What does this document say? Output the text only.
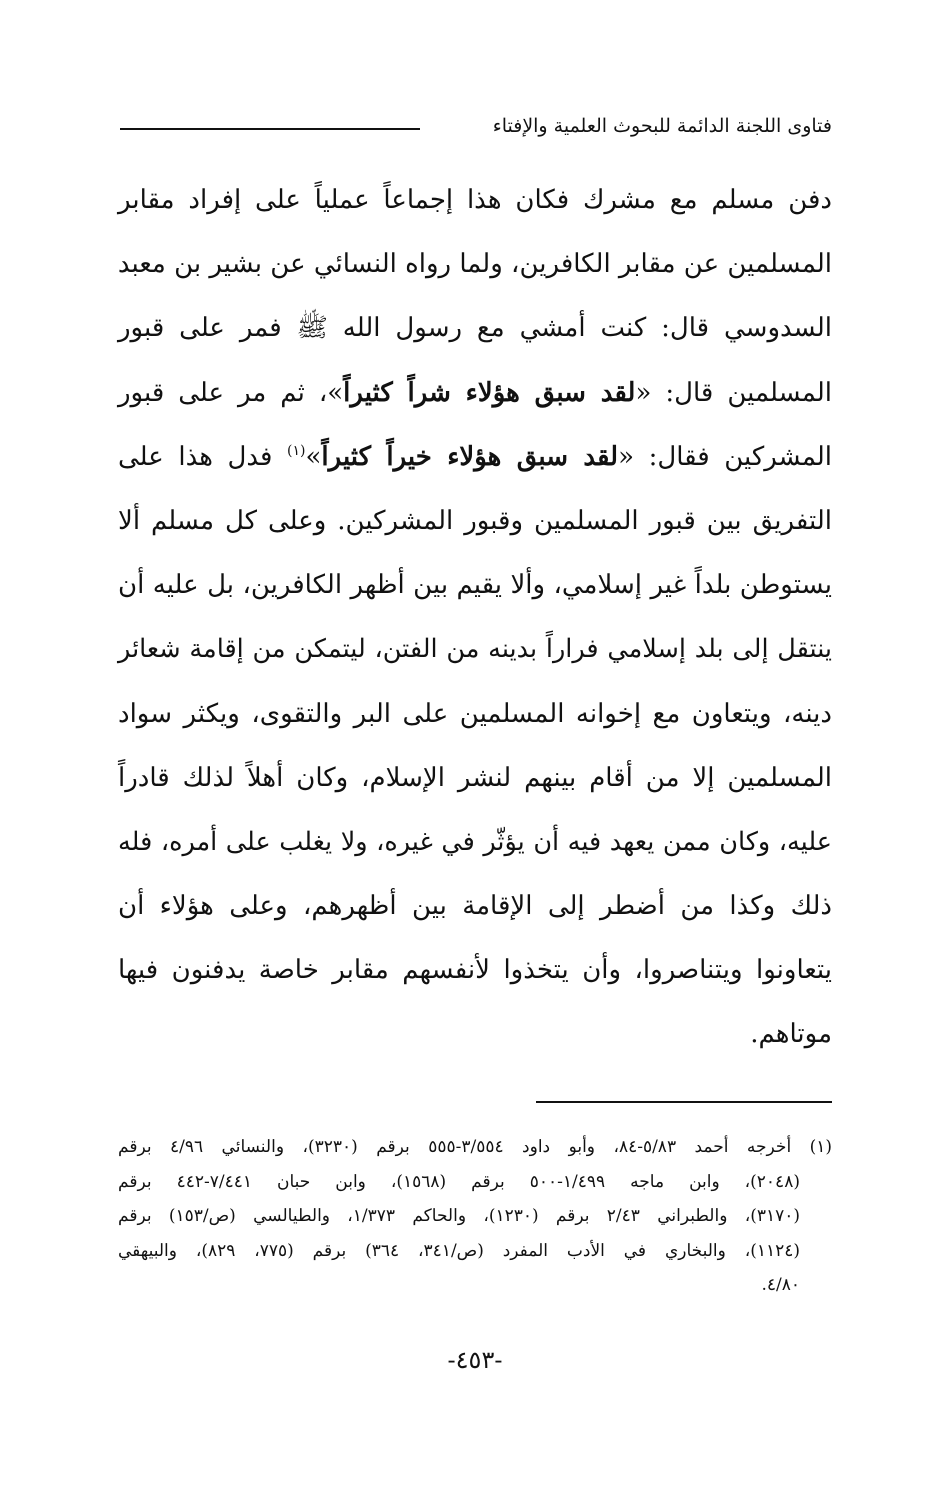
فتاوى اللجنة الدائمة للبحوث العلمية والإفتاء
دفن مسلم مع مشرك فكان هذا إجماعاً عملياً على إفراد مقابر
المسلمين عن مقابر الكافرين، ولما رواه النسائي عن بشير بن معبد
السدوسي قال: كنت أمشي مع رسول الله ﷺ فمر على قبور
المسلمين قال: «لقد سبق هؤلاء شراً كثيراً»، ثم مر على قبور
المشركين فقال: «لقد سبق هؤلاء خيراً كثيراً»$^{(١)}$ فدل هذا على
التفريق بين قبور المسلمين وقبور المشركين. وعلى كل مسلم ألا
يستوطن بلداً غير إسلامي، وألا يقيم بين أظهر الكافرين، بل عليه أن
ينتقل إلى بلد إسلامي فراراً بدينه من الفتن، ليتمكن من إقامة شعائر
دينه، ويتعاون مع إخوانه المسلمين على البر والتقوى، ويكثر سواد
المسلمين إلا من أقام بينهم لنشر الإسلام، وكان أهلاً لذلك قادراً
عليه، وكان ممن يعهد فيه أن يؤثّر في غيره، ولا يغلب على أمره، فله
ذلك وكذا من أضطر إلى الإقامة بين أظهرهم، وعلى هؤلاء أن
يتعاونوا ويتناصروا، وأن يتخذوا لأنفسهم مقابر خاصة يدفنون فيها
موتاهم.
(١) أخرجه أحمد ٥/٨٣-٨٤، وأبو داود ٣/٥٥٤-٥٥٥ برقم (٣٢٣٠)، والنسائي ٤/٩٦ برقم
(٢٠٤٨)، وابن ماجه ١/٤٩٩-٥٠٠ برقم (١٥٦٨)، وابن حبان ٧/٤٤١-٤٤٢ برقم
(٣١٧٠)، والطبراني ٢/٤٣ برقم (١٢٣٠)، والحاكم ١/٣٧٣، والطيالسي (ص/١٥٣) برقم
(١١٢٤)، والبخاري في الأدب المفرد (ص/٣٤١، ٣٦٤) برقم (٧٧٥، ٨٢٩)، والبيهقي
٤/٨٠.
-٤٥٣-
